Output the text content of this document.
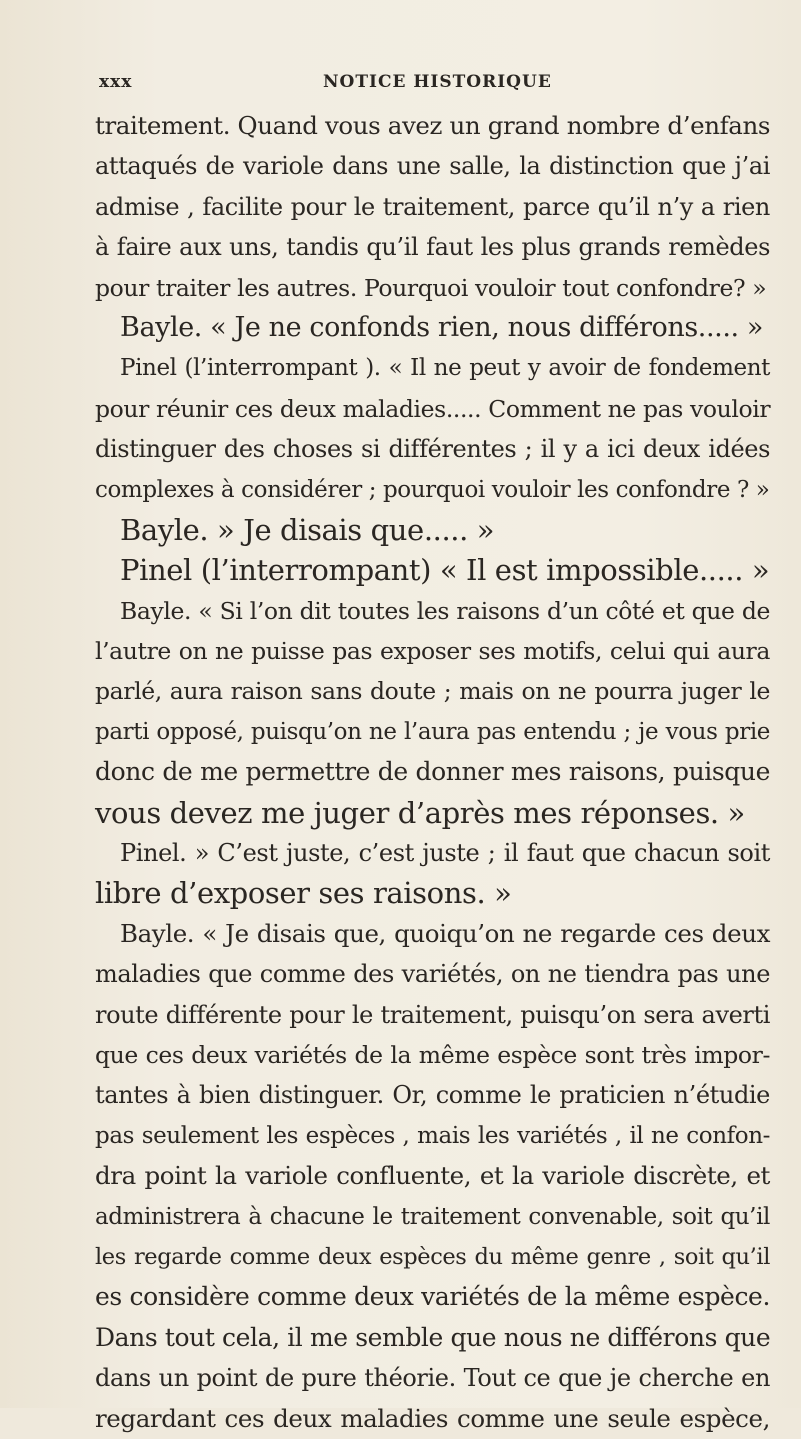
xxx	NOTICE HISTORIQUE
traitement. Quand vous avez un grand nombre d’enfans
attaqués de variole dans une salle, la distinction que j’ai
admise , facilite pour le traitement, parce qu’il n’y a rien
à faire aux uns, tandis qu’il faut les plus grands remèdes
pour traiter les autres. Pourquoi vouloir tout confondre? »
Bayle. « Je ne confonds rien, nous différons..... »
Pinel (l’interrompant ). « Il ne peut y avoir de fondement
pour réunir ces deux maladies..... Comment ne pas vouloir
distinguer des choses si différentes ; il y a ici deux idées
complexes à considérer ; pourquoi vouloir les confondre ? »
Bayle. » Je disais que..... »
Pinel (l’interrompant) « Il est impossible..... »
Bayle. « Si l’on dit toutes les raisons d’un côté et que de
l’autre on ne puisse pas exposer ses motifs, celui qui aura
parlé, aura raison sans doute ; mais on ne pourra juger le
parti opposé, puisqu’on ne l’aura pas entendu ; je vous prie
donc de me permettre de donner mes raisons, puisque
vous devez me juger d’après mes réponses. »
Pinel. » C’est juste, c’est juste ; il faut que chacun soit
libre d’exposer ses raisons. »
Bayle. « Je disais que, quoiqu’on ne regarde ces deux
maladies que comme des variétés, on ne tiendra pas une
route différente pour le traitement, puisqu’on sera averti
que ces deux variétés de la même espèce sont très impor-
tantes à bien distinguer. Or, comme le praticien n’étudie
pas seulement les espèces , mais les variétés , il ne confon-
dra point la variole confluente, et la variole discrète, et
administrera à chacune le traitement convenable, soit qu’il
les regarde comme deux espèces du même genre , soit qu’il
es considère comme deux variétés de la même espèce.
Dans tout cela, il me semble que nous ne différons que
dans un point de pure théorie. Tout ce que je cherche en
regardant ces deux maladies comme une seule espèce,
